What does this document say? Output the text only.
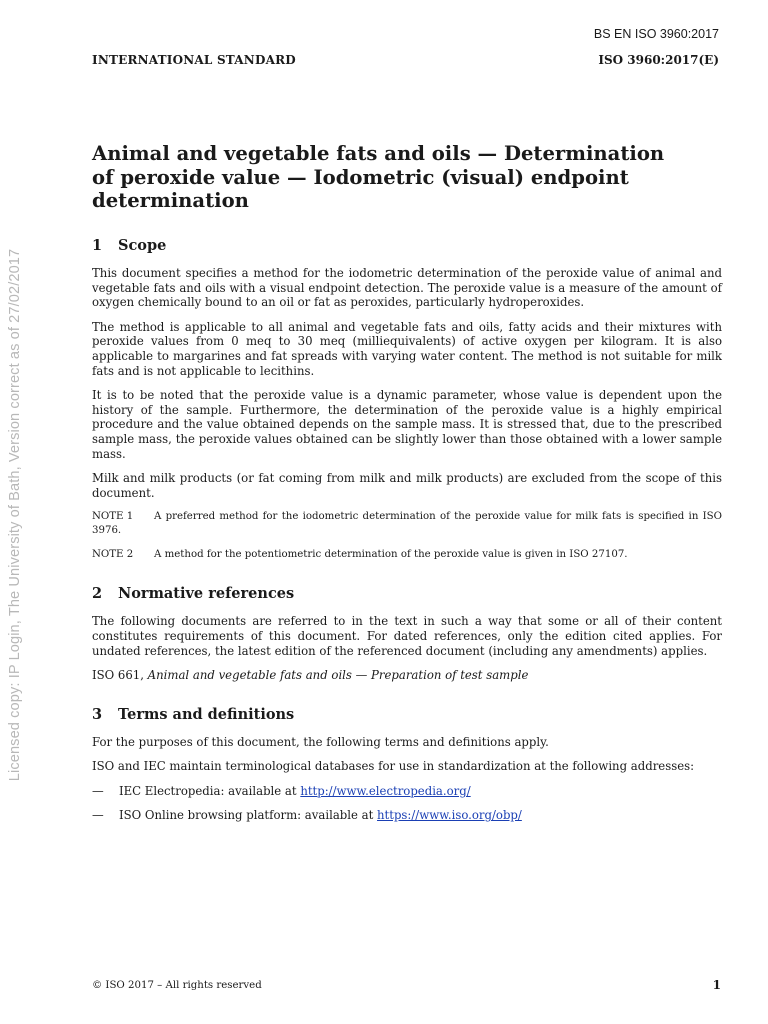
Licensed copy: IP Login, The University of Bath, Version correct as of 27/02/2017
BS EN ISO 3960:2017
INTERNATIONAL STANDARD	ISO 3960:2017(E)
Animal and vegetable fats and oils — Determination
of peroxide value — Iodometric (visual) endpoint
determination
1 Scope

This document specifies a method for the iodometric determination of the peroxide value of animal and vegetable fats and oils with a visual endpoint detection. The peroxide value is a measure of the amount of oxygen chemically bound to an oil or fat as peroxides, particularly hydroperoxides.

The method is applicable to all animal and vegetable fats and oils, fatty acids and their mixtures with peroxide values from 0 meq to 30 meq (milliequivalents) of active oxygen per kilogram. It is also applicable to margarines and fat spreads with varying water content. The method is not suitable for milk fats and is not applicable to lecithins.

It is to be noted that the peroxide value is a dynamic parameter, whose value is dependent upon the history of the sample. Furthermore, the determination of the peroxide value is a highly empirical procedure and the value obtained depends on the sample mass. It is stressed that, due to the prescribed sample mass, the peroxide values obtained can be slightly lower than those obtained with a lower sample mass.

Milk and milk products (or fat coming from milk and milk products) are excluded from the scope of this document.

NOTE 1 A preferred method for the iodometric determination of the peroxide value for milk fats is specified in ISO 3976.

NOTE 2 A method for the potentiometric determination of the peroxide value is given in ISO 27107.

2 Normative references

The following documents are referred to in the text in such a way that some or all of their content constitutes requirements of this document. For dated references, only the edition cited applies. For undated references, the latest edition of the referenced document (including any amendments) applies.

ISO 661, Animal and vegetable fats and oils — Preparation of test sample

3 Terms and definitions

For the purposes of this document, the following terms and definitions apply.

ISO and IEC maintain terminological databases for use in standardization at the following addresses:

— IEC Electropedia: available at http://www.electropedia.org/

— ISO Online browsing platform: available at https://www.iso.org/obp/

© ISO 2017 – All rights reserved	1
